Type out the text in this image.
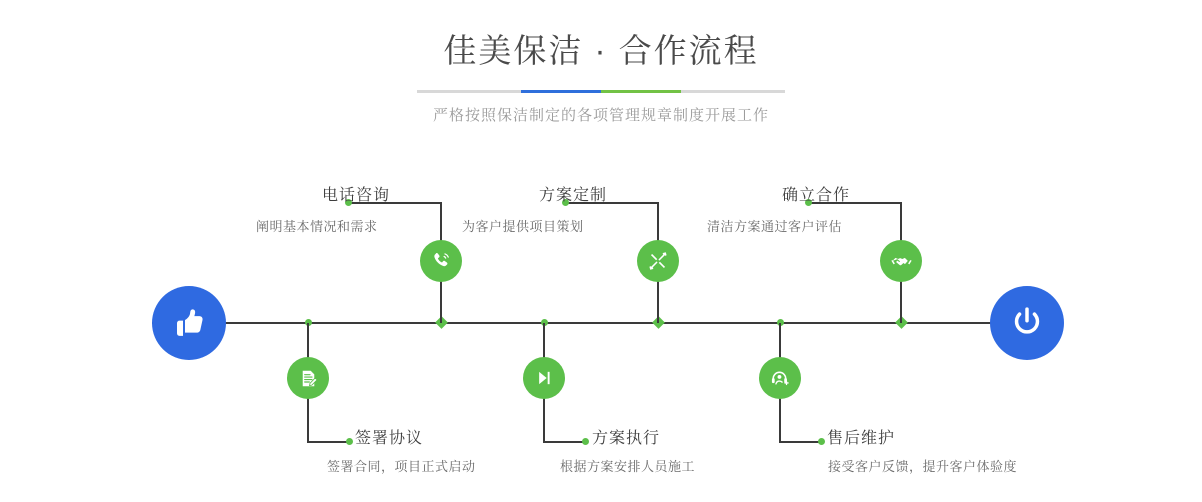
佳美保洁 · 合作流程
严格按照保洁制定的各项管理规章制度开展工作
电话咨询
阐明基本情况和需求
方案定制
为客户提供项目策划
确立合作
清洁方案通过客户评估
签署协议
签署合同，项目正式启动
方案执行
根据方案安排人员施工
售后维护
接受客户反馈，提升客户体验度
